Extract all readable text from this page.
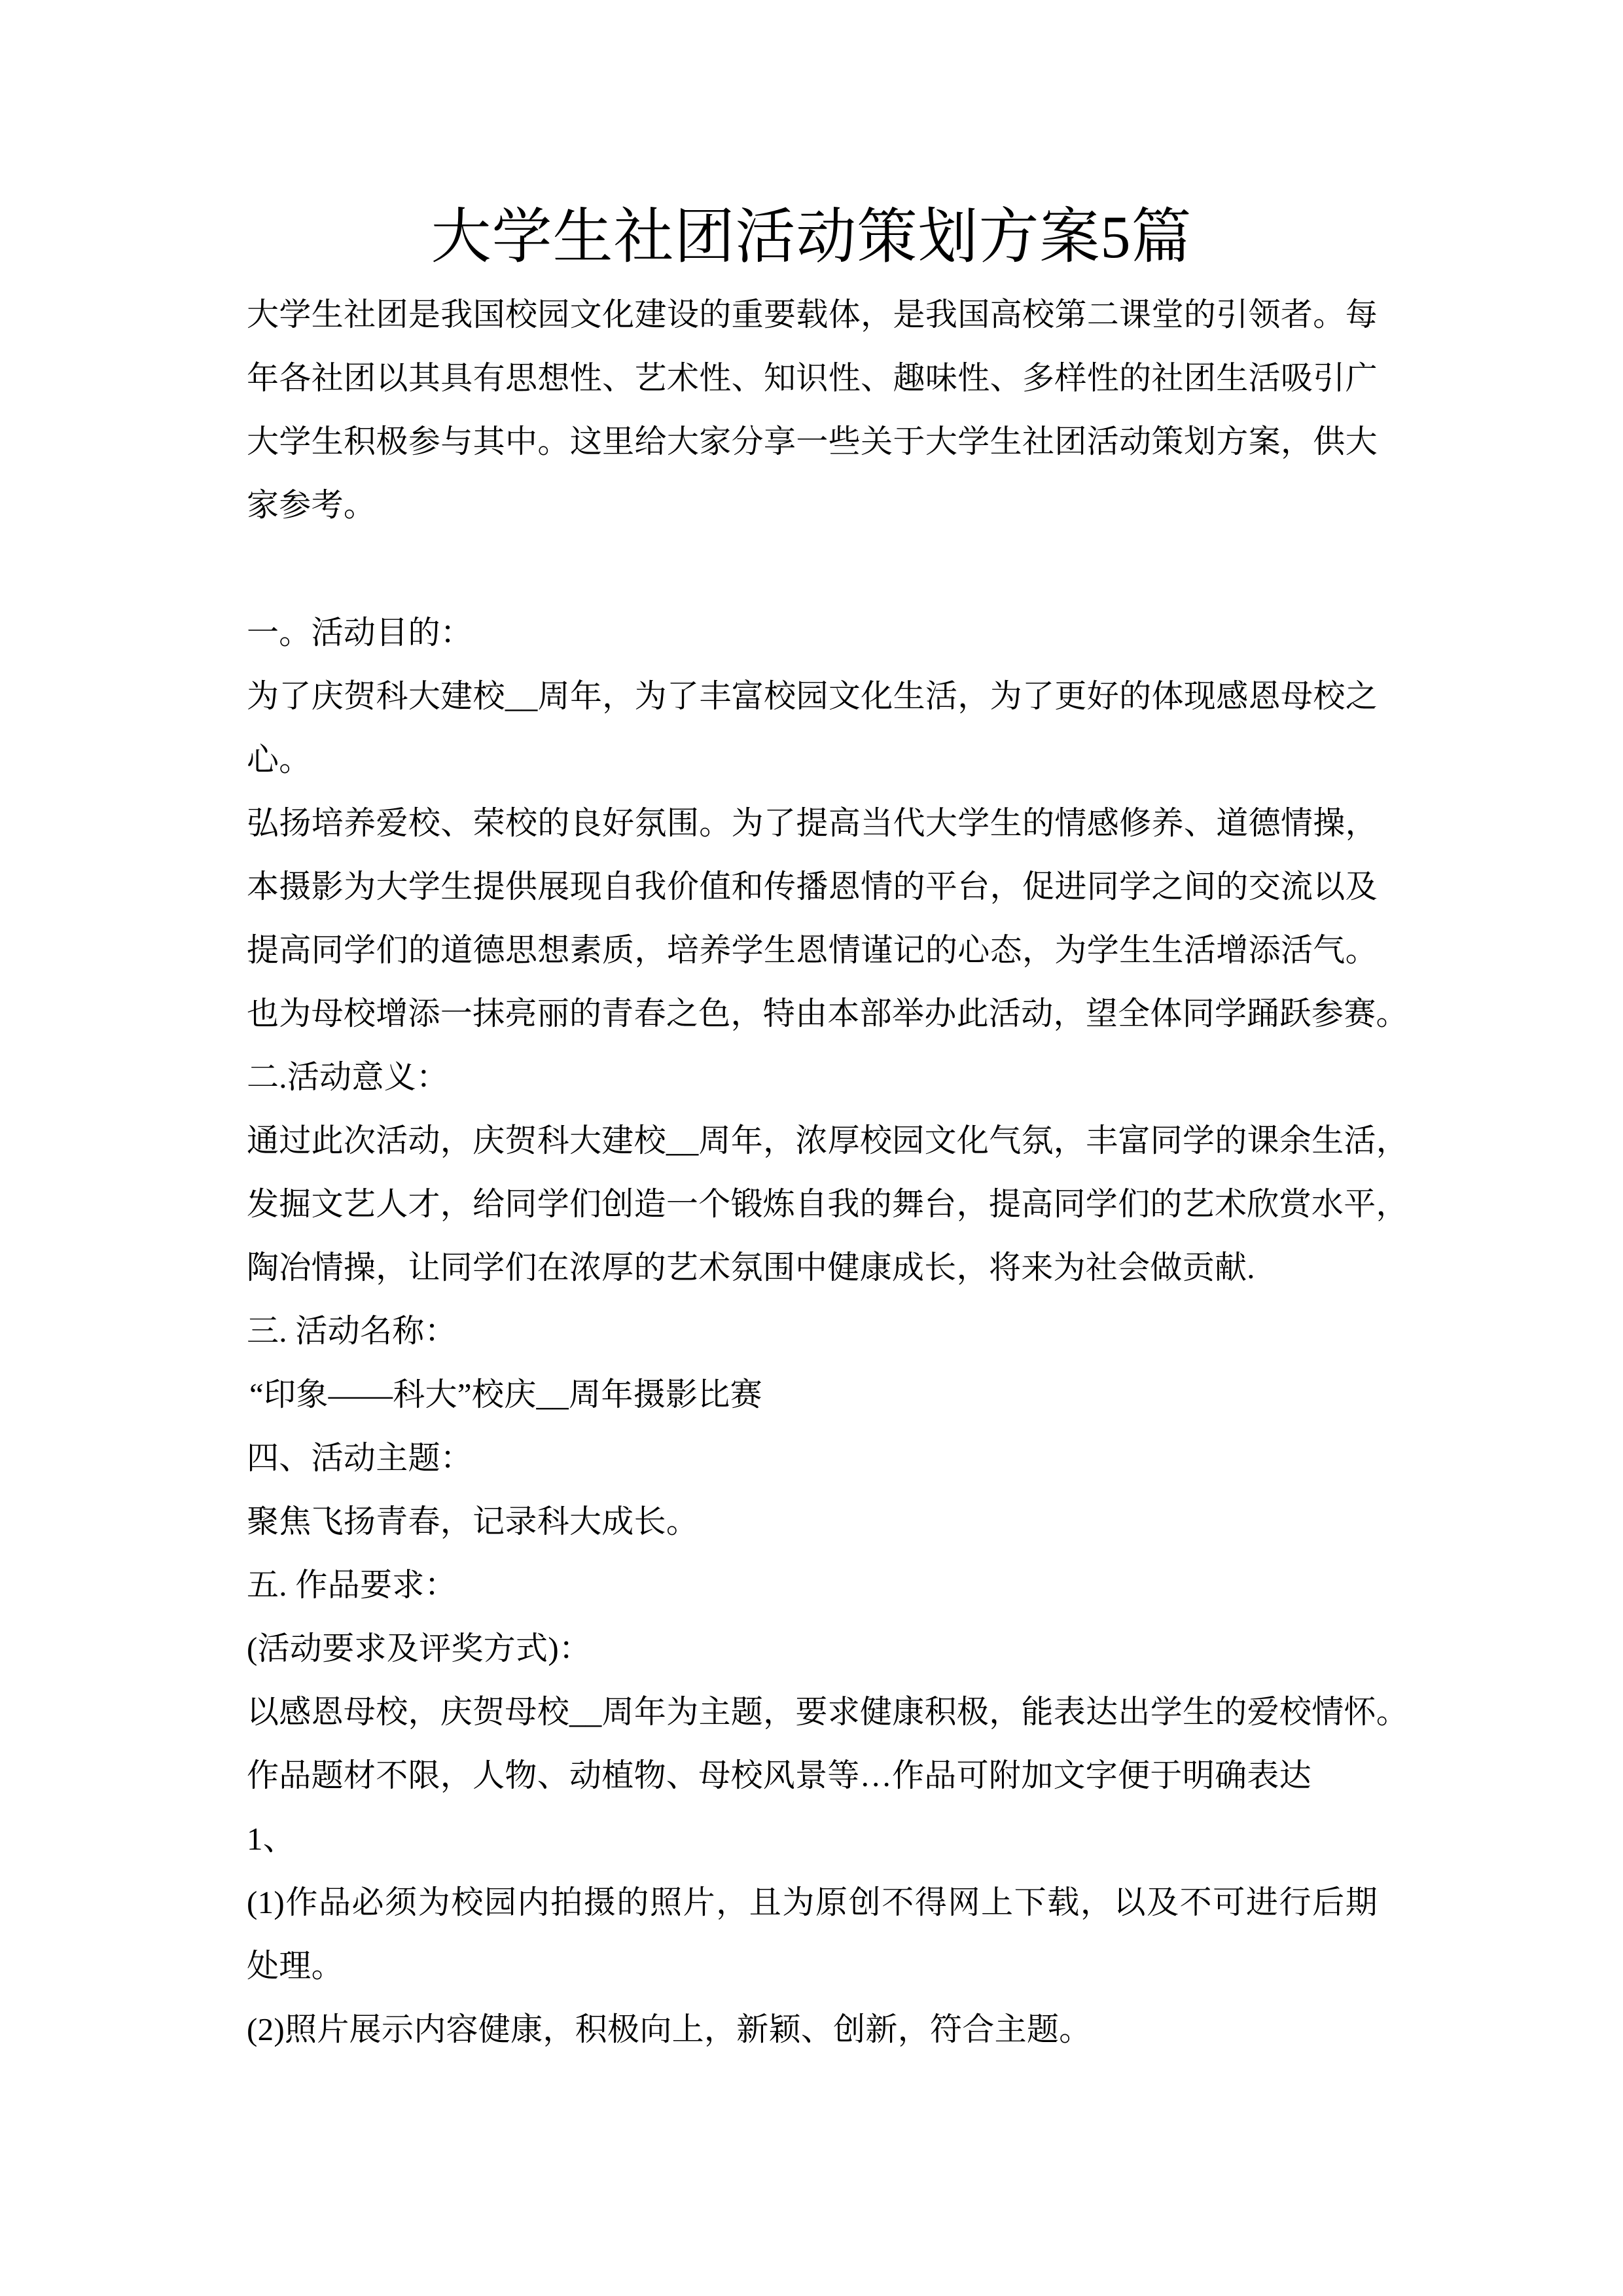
大学生社团活动策划方案5篇
大学生社团是我国校园文化建设的重要载体，是我国高校第二课堂的引领者。每
年各社团以其具有思想性、艺术性、知识性、趣味性、多样性的社团生活吸引广
大学生积极参与其中。这里给大家分享一些关于大学生社团活动策划方案，供大
家参考。
一。活动目的：
为了庆贺科大建校__周年，为了丰富校园文化生活，为了更好的体现感恩母校之
心。
弘扬培养爱校、荣校的良好氛围。为了提高当代大学生的情感修养、道德情操，
本摄影为大学生提供展现自我价值和传播恩情的平台，促进同学之间的交流以及
提高同学们的道德思想素质，培养学生恩情谨记的心态，为学生生活增添活气。
也为母校增添一抹亮丽的青春之色，特由本部举办此活动，望全体同学踊跃参赛。
二.活动意义：
通过此次活动，庆贺科大建校__周年，浓厚校园文化气氛，丰富同学的课余生活，
发掘文艺人才，给同学们创造一个锻炼自我的舞台，提高同学们的艺术欣赏水平，
陶冶情操，让同学们在浓厚的艺术氛围中健康成长，将来为社会做贡献.
三. 活动名称：
“印象——科大”校庆__周年摄影比赛
四、活动主题：
聚焦飞扬青春，记录科大成长。
五. 作品要求：
(活动要求及评奖方式)：
以感恩母校，庆贺母校__周年为主题，要求健康积极，能表达出学生的爱校情怀。
作品题材不限，人物、动植物、母校风景等…作品可附加文字便于明确表达
1、
(1)作品必须为校园内拍摄的照片，且为原创不得网上下载，以及不可进行后期
处理。
(2)照片展示内容健康，积极向上，新颖、创新，符合主题。
